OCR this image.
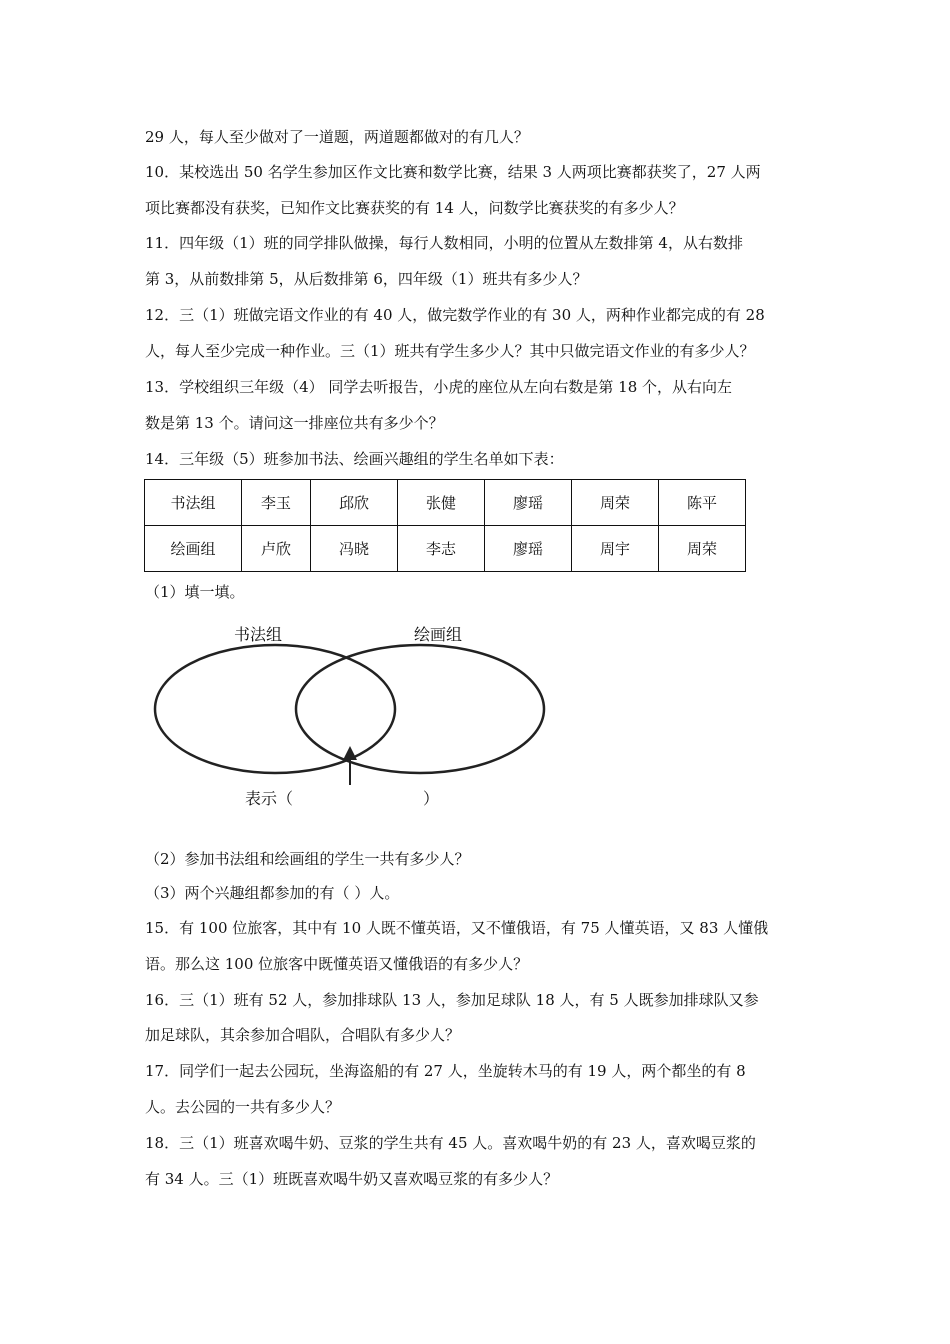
29 人，每人至少做对了一道题，两道题都做对的有几人？
10．某校选出 50 名学生参加区作文比赛和数学比赛，结果 3 人两项比赛都获奖了，27 人两
项比赛都没有获奖，已知作文比赛获奖的有 14 人，问数学比赛获奖的有多少人？
11．四年级（1）班的同学排队做操，每行人数相同，小明的位置从左数排第 4，从右数排
第 3，从前数排第 5，从后数排第 6，四年级（1）班共有多少人？
12．三（1）班做完语文作业的有 40 人，做完数学作业的有 30 人，两种作业都完成的有 28
人，每人至少完成一种作业。三（1）班共有学生多少人？其中只做完语文作业的有多少人？
13．学校组织三年级（4） 同学去听报告，小虎的座位从左向右数是第 18 个，从右向左
数是第 13 个。请问这一排座位共有多少个？
14．三年级（5）班参加书法、绘画兴趣组的学生名单如下表：
书法组	李玉	邱欣	张健	廖瑶	周荣	陈平
绘画组	卢欣	冯晓	李志	廖瑶	周宇	周荣
（1）填一填。
书法组	绘画组
表示（	）
（2）参加书法组和绘画组的学生一共有多少人？
（3）两个兴趣组都参加的有（ ）人。
15．有 100 位旅客，其中有 10 人既不懂英语，又不懂俄语，有 75 人懂英语，又 83 人懂俄
语。那么这 100 位旅客中既懂英语又懂俄语的有多少人？
16．三（1）班有 52 人，参加排球队 13 人，参加足球队 18 人，有 5 人既参加排球队又参
加足球队，其余参加合唱队，合唱队有多少人？
17．同学们一起去公园玩，坐海盗船的有 27 人，坐旋转木马的有 19 人，两个都坐的有 8
人。去公园的一共有多少人？
18．三（1）班喜欢喝牛奶、豆浆的学生共有 45 人。喜欢喝牛奶的有 23 人，喜欢喝豆浆的
有 34 人。三（1）班既喜欢喝牛奶又喜欢喝豆浆的有多少人？
